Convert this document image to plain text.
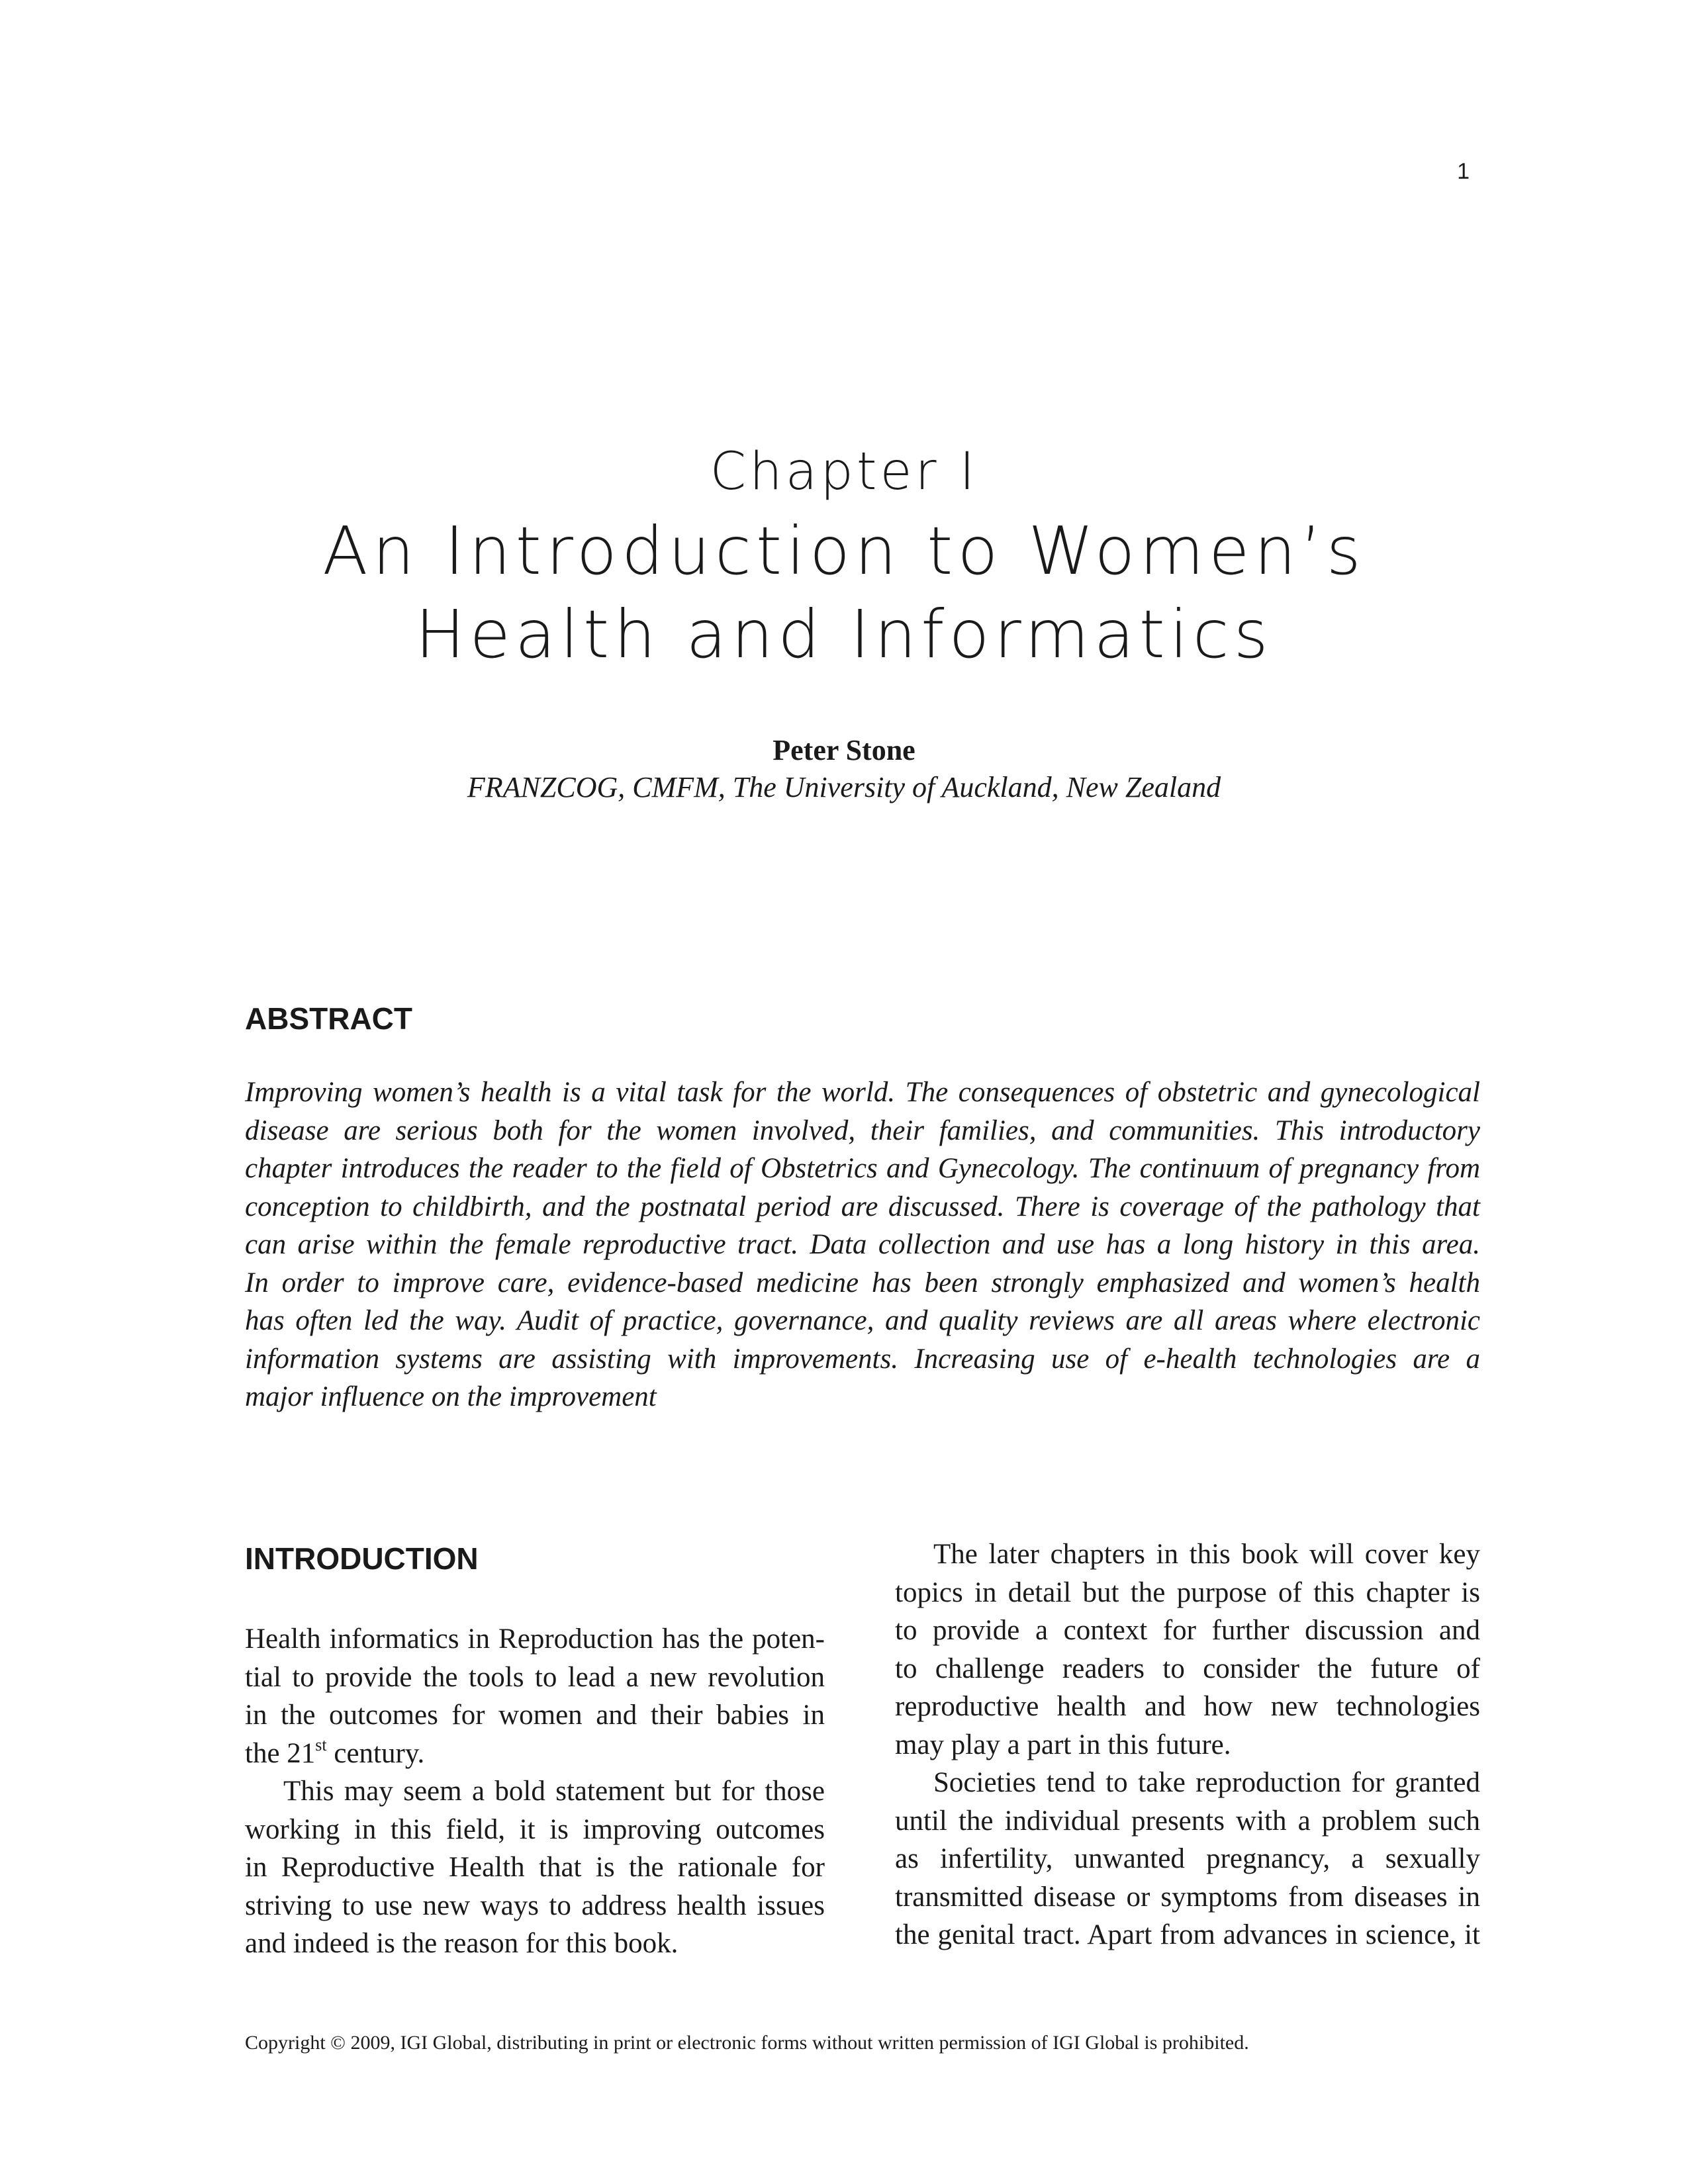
1
Chapter I
An Introduction to Women’s
Health and Informatics
Peter Stone
FRANZCOG, CMFM, The University of Auckland, New Zealand
ABSTRACT
Improving women’s health is a vital task for the world. The consequences of obstetric and gynecological
disease are serious both for the women involved, their families, and communities. This introductory
chapter introduces the reader to the field of Obstetrics and Gynecology. The continuum of pregnancy from
conception to childbirth, and the postnatal period are discussed. There is coverage of the pathology that
can arise within the female reproductive tract. Data collection and use has a long history in this area.
In order to improve care, evidence-based medicine has been strongly emphasized and women’s health
has often led the way. Audit of practice, governance, and quality reviews are all areas where electronic
information systems are assisting with improvements. Increasing use of e-health technologies are a
major influence on the improvement
INTRODUCTION
Health informatics in Reproduction has the poten-
tial to provide the tools to lead a new revolution
in the outcomes for women and their babies in
the 21st century.
This may seem a bold statement but for those
working in this field, it is improving outcomes
in Reproductive Health that is the rationale for
striving to use new ways to address health issues
and indeed is the reason for this book.
The later chapters in this book will cover key
topics in detail but the purpose of this chapter is
to provide a context for further discussion and
to challenge readers to consider the future of
reproductive health and how new technologies
may play a part in this future.
Societies tend to take reproduction for granted
until the individual presents with a problem such
as infertility, unwanted pregnancy, a sexually
transmitted disease or symptoms from diseases in
the genital tract. Apart from advances in science, it
Copyright © 2009, IGI Global, distributing in print or electronic forms without written permission of IGI Global is prohibited.
